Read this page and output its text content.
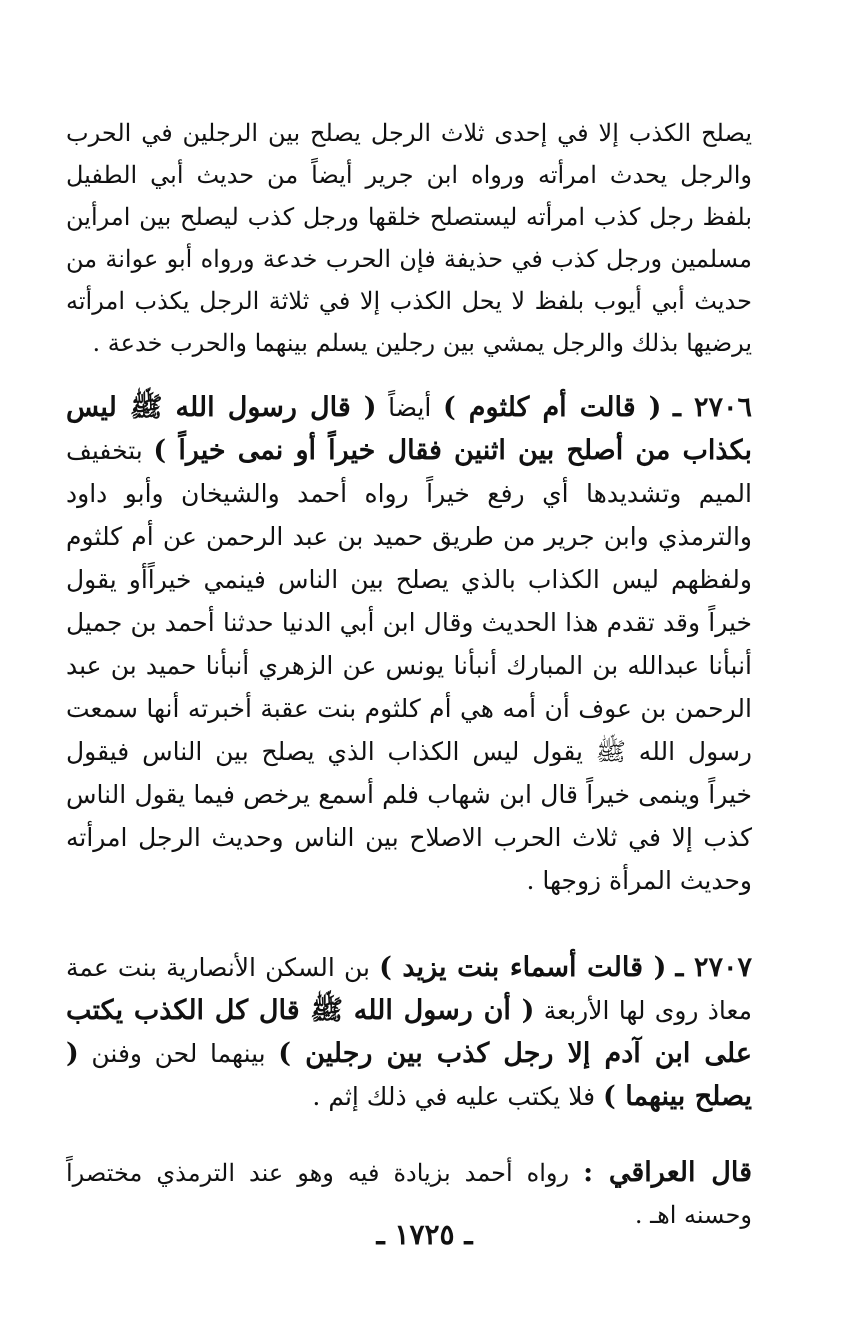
يصلح الكذب إلا في إحدى ثلاث الرجل يصلح بين الرجلين في الحرب والرجل يحدث امرأته ورواه ابن جرير أيضاً من حديث أبي الطفيل بلفظ رجل كذب امرأته ليستصلح خلقها ورجل كذب ليصلح بين امرأين مسلمين ورجل كذب في حذيفة فإن الحرب خدعة ورواه أبو عوانة من حديث أبي أيوب بلفظ لا يحل الكذب إلا في ثلاثة الرجل يكذب امرأته يرضيها بذلك والرجل يمشي بين رجلين يسلم بينهما والحرب خدعة .

٢٧٠٦ ـ ( قالت أم كلثوم ) أيضاً ( قال رسول الله ﷺ ليس بكذاب من أصلح بين اثنين فقال خيراً أو نمى خيراً ) بتخفيف الميم وتشديدها أي رفع خيراً رواه أحمد والشيخان وأبو داود والترمذي وابن جرير من طريق حميد بن عبد الرحمن عن أم كلثوم ولفظهم ليس الكذاب بالذي يصلح بين الناس فينمي خيراًأو يقول خيراً وقد تقدم هذا الحديث وقال ابن أبي الدنيا حدثنا أحمد بن جميل أنبأنا عبدالله بن المبارك أنبأنا يونس عن الزهري أنبأنا حميد بن عبد الرحمن بن عوف أن أمه هي أم كلثوم بنت عقبة أخبرته أنها سمعت رسول الله ﷺ يقول ليس الكذاب الذي يصلح بين الناس فيقول خيراً وينمى خيراً قال ابن شهاب فلم أسمع يرخص فيما يقول الناس كذب إلا في ثلاث الحرب الاصلاح بين الناس وحديث الرجل امرأته وحديث المرأة زوجها .

٢٧٠٧ ـ ( قالت أسماء بنت يزيد ) بن السكن الأنصارية بنت عمة معاذ روى لها الأربعة ( أن رسول الله ﷺ قال كل الكذب يكتب على ابن آدم إلا رجل كذب بين رجلين ) بينهما لحن وفنن ( يصلح بينهما ) فلا يكتب عليه في ذلك إثم .

قال العراقي : رواه أحمد بزيادة فيه وهو عند الترمذي مختصراً وحسنه اهـ .

ـ ١٧٢٥ ـ
